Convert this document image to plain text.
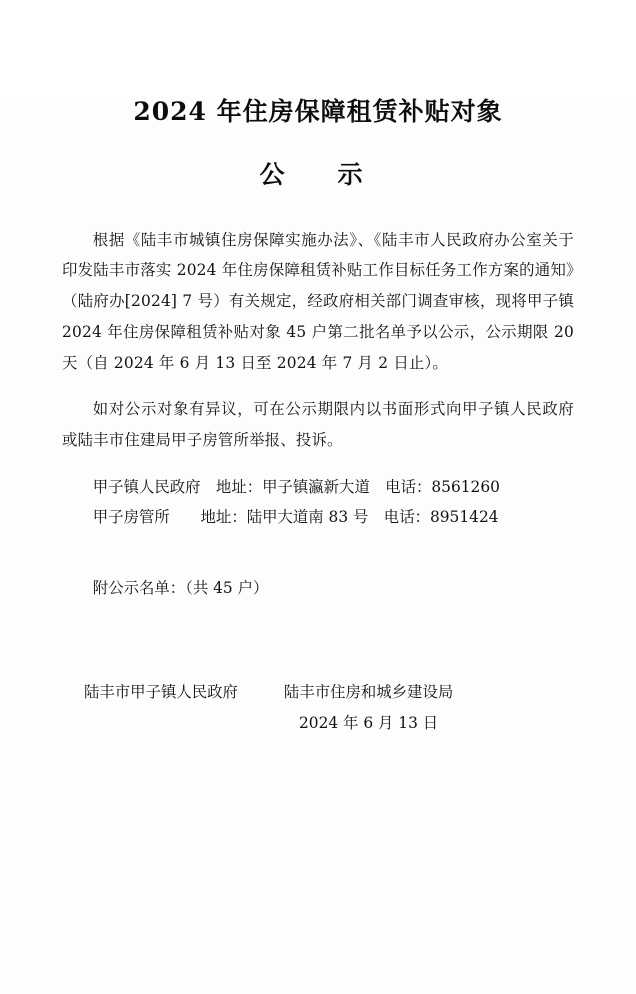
2024 年住房保障租赁补贴对象
公　示

根据《陆丰市城镇住房保障实施办法》、《陆丰市人民政府办公室关于印发陆丰市落实 2024 年住房保障租赁补贴工作目标任务工作方案的通知》（陆府办[2024] 7 号）有关规定，经政府相关部门调查审核，现将甲子镇 2024 年住房保障租赁补贴对象 45 户第二批名单予以公示，公示期限 20 天（自 2024 年 6 月 13 日至 2024 年 7 月 2 日止）。

如对公示对象有异议，可在公示期限内以书面形式向甲子镇人民政府或陆丰市住建局甲子房管所举报、投诉。

甲子镇人民政府　地址：甲子镇瀛新大道　电话：8561260
甲子房管所　　地址：陆甲大道南 83 号　电话：8951424
附公示名单：（共 45 户）
陆丰市甲子镇人民政府	陆丰市住房和城乡建设局
2024 年 6 月 13 日
